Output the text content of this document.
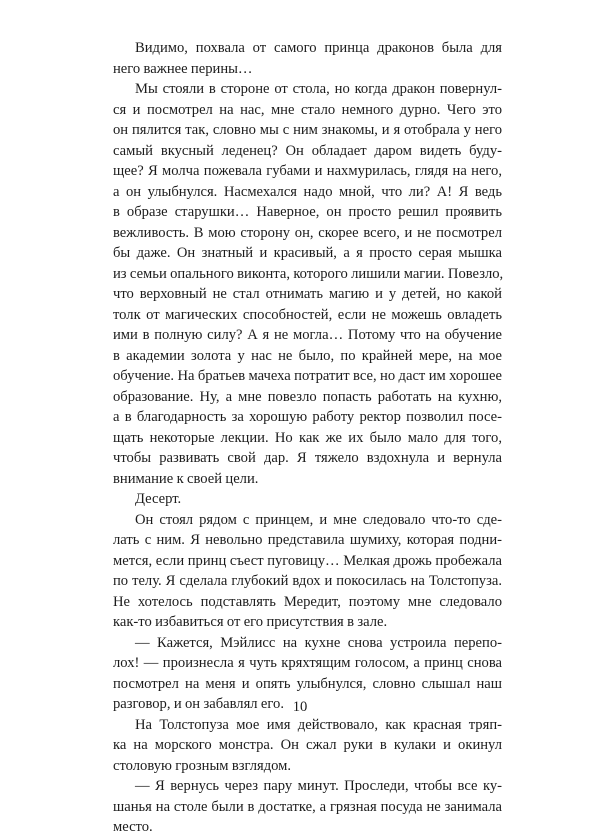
Видимо, похвала от самого принца драконов была для
него важнее перины…
Мы стояли в стороне от стола, но когда дракон повернул-
ся и посмотрел на нас, мне стало немного дурно. Чего это
он пялится так, словно мы с ним знакомы, и я отобрала у него
самый вкусный леденец? Он обладает даром видеть буду-
щее? Я молча пожевала губами и нахмурилась, глядя на него,
а он улыбнулся. Насмехался надо мной, что ли? А! Я ведь
в образе старушки… Наверное, он просто решил проявить
вежливость. В мою сторону он, скорее всего, и не посмотрел
бы даже. Он знатный и красивый, а я просто серая мышка
из семьи опального виконта, которого лишили магии. Повезло,
что верховный не стал отнимать магию и у детей, но какой
толк от магических способностей, если не можешь овладеть
ими в полную силу? А я не могла… Потому что на обучение
в академии золота у нас не было, по крайней мере, на мое
обучение. На братьев мачеха потратит все, но даст им хорошее
образование. Ну, а мне повезло попасть работать на кухню,
а в благодарность за хорошую работу ректор позволил посе-
щать некоторые лекции. Но как же их было мало для того,
чтобы развивать свой дар. Я тяжело вздохнула и вернула
внимание к своей цели.
Десерт.
Он стоял рядом с принцем, и мне следовало что-то сде-
лать с ним. Я невольно представила шумиху, которая подни-
мется, если принц съест пуговицу… Мелкая дрожь пробежала
по телу. Я сделала глубокий вдох и покосилась на Толстопуза.
Не хотелось подставлять Мередит, поэтому мне следовало
как-то избавиться от его присутствия в зале.
— Кажется, Мэйлисс на кухне снова устроила перепо-
лох! — произнесла я чуть кряхтящим голосом, а принц снова
посмотрел на меня и опять улыбнулся, словно слышал наш
разговор, и он забавлял его.
На Толстопуза мое имя действовало, как красная тряп-
ка на морского монстра. Он сжал руки в кулаки и окинул
столовую грозным взглядом.
— Я вернусь через пару минут. Проследи, чтобы все ку-
шанья на столе были в достатке, а грязная посуда не занимала
место.
10
